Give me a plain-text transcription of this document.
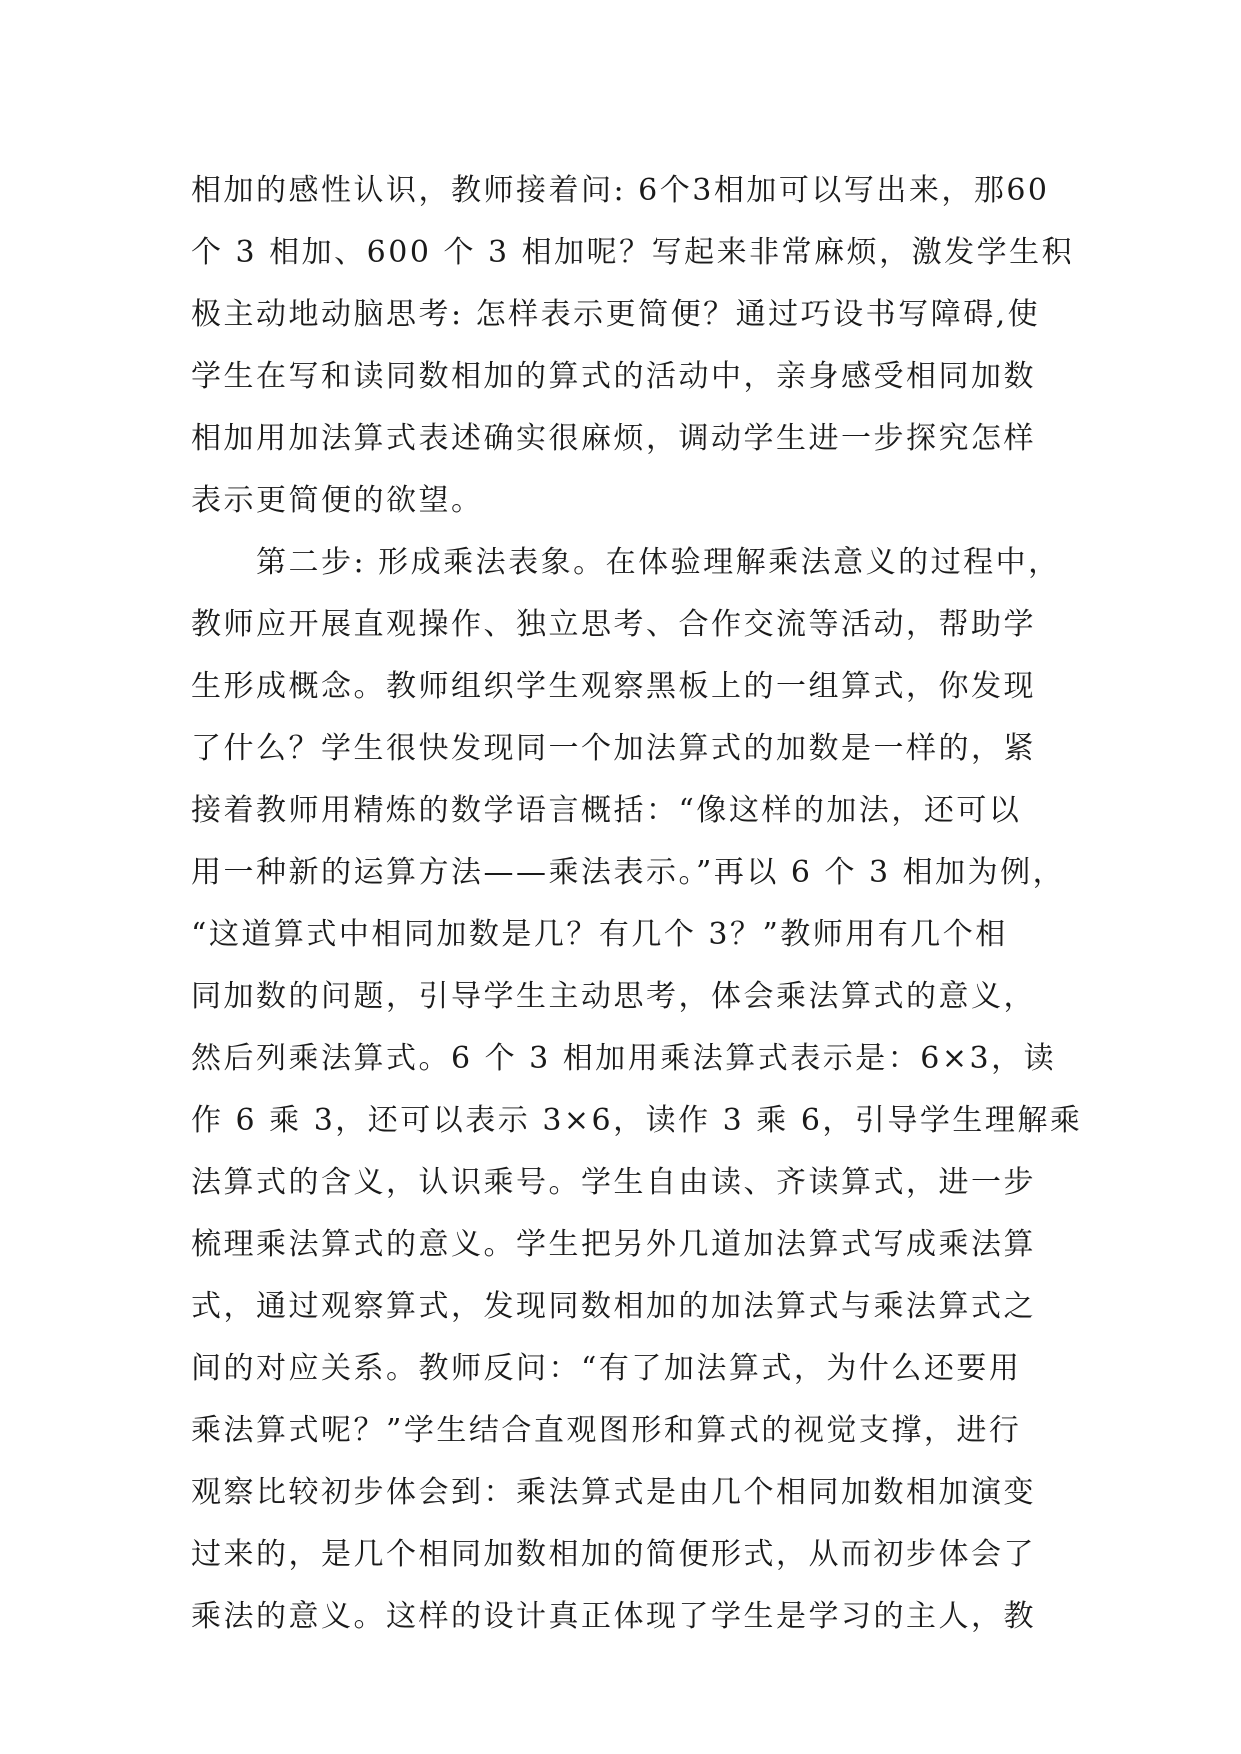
相加的感性认识，教师接着问: 6个3相加可以写出来，那60
个 3 相加、600 个 3 相加呢？写起来非常麻烦，激发学生积
极主动地动脑思考: 怎样表示更简便？通过巧设书写障碍,使
学生在写和读同数相加的算式的活动中，亲身感受相同加数
相加用加法算式表述确实很麻烦，调动学生进一步探究怎样
表示更简便的欲望。
　　第二步: 形成乘法表象。在体验理解乘法意义的过程中，
教师应开展直观操作、独立思考、合作交流等活动，帮助学
生形成概念。教师组织学生观察黑板上的一组算式，你发现
了什么？学生很快发现同一个加法算式的加数是一样的，紧
接着教师用精炼的数学语言概括：“像这样的加法，还可以
用一种新的运算方法——乘法表示。”再以 6 个 3 相加为例，
“这道算式中相同加数是几？有几个 3？”教师用有几个相
同加数的问题，引导学生主动思考，体会乘法算式的意义，
然后列乘法算式。6 个 3 相加用乘法算式表示是：6×3，读
作 6 乘 3，还可以表示 3×6，读作 3 乘 6，引导学生理解乘
法算式的含义，认识乘号。学生自由读、齐读算式，进一步
梳理乘法算式的意义。学生把另外几道加法算式写成乘法算
式，通过观察算式，发现同数相加的加法算式与乘法算式之
间的对应关系。教师反问：“有了加法算式，为什么还要用
乘法算式呢？”学生结合直观图形和算式的视觉支撑，进行
观察比较初步体会到：乘法算式是由几个相同加数相加演变
过来的，是几个相同加数相加的简便形式，从而初步体会了
乘法的意义。这样的设计真正体现了学生是学习的主人，教
